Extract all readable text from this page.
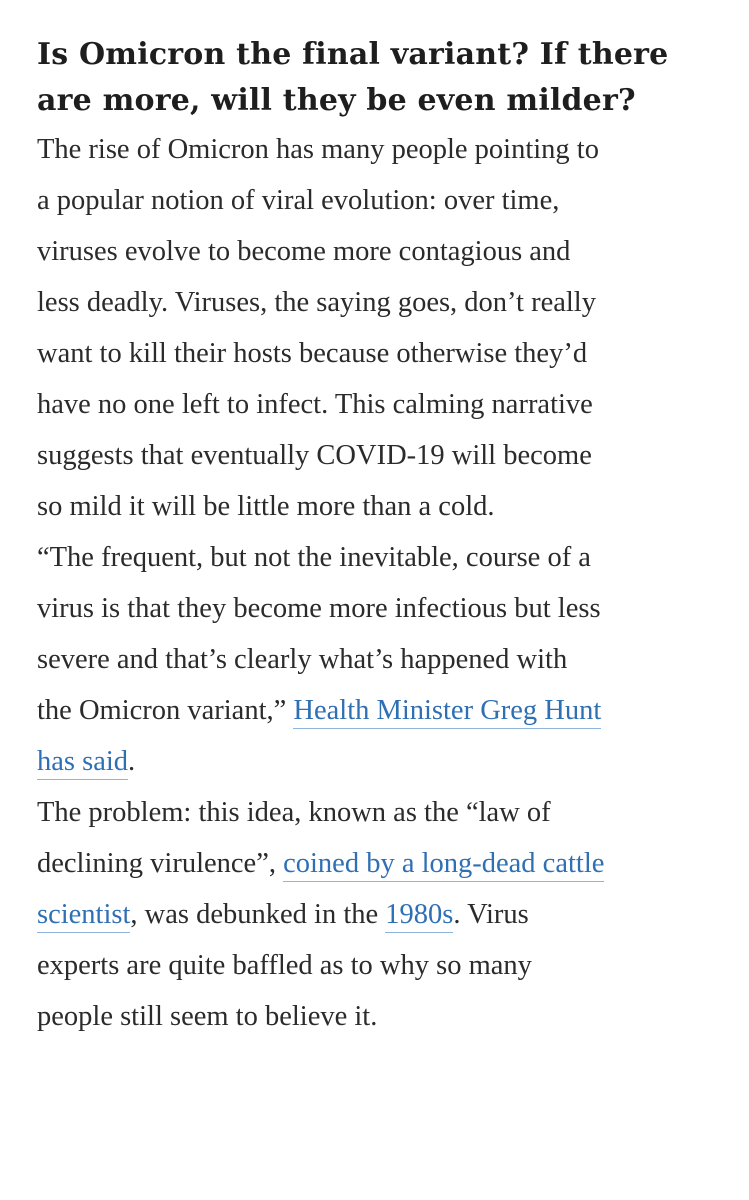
Is Omicron the final variant? If there
are more, will they be even milder?

The rise of Omicron has many people pointing to
a popular notion of viral evolution: over time,
viruses evolve to become more contagious and
less deadly. Viruses, the saying goes, don’t really
want to kill their hosts because otherwise they’d
have no one left to infect. This calming narrative
suggests that eventually COVID-19 will become
so mild it will be little more than a cold.

“The frequent, but not the inevitable, course of a
virus is that they become more infectious but less
severe and that’s clearly what’s happened with
the Omicron variant,” Health Minister Greg Hunt
has said.

The problem: this idea, known as the “law of
declining virulence”, coined by a long-dead cattle
scientist, was debunked in the 1980s. Virus
experts are quite baffled as to why so many
people still seem to believe it.
